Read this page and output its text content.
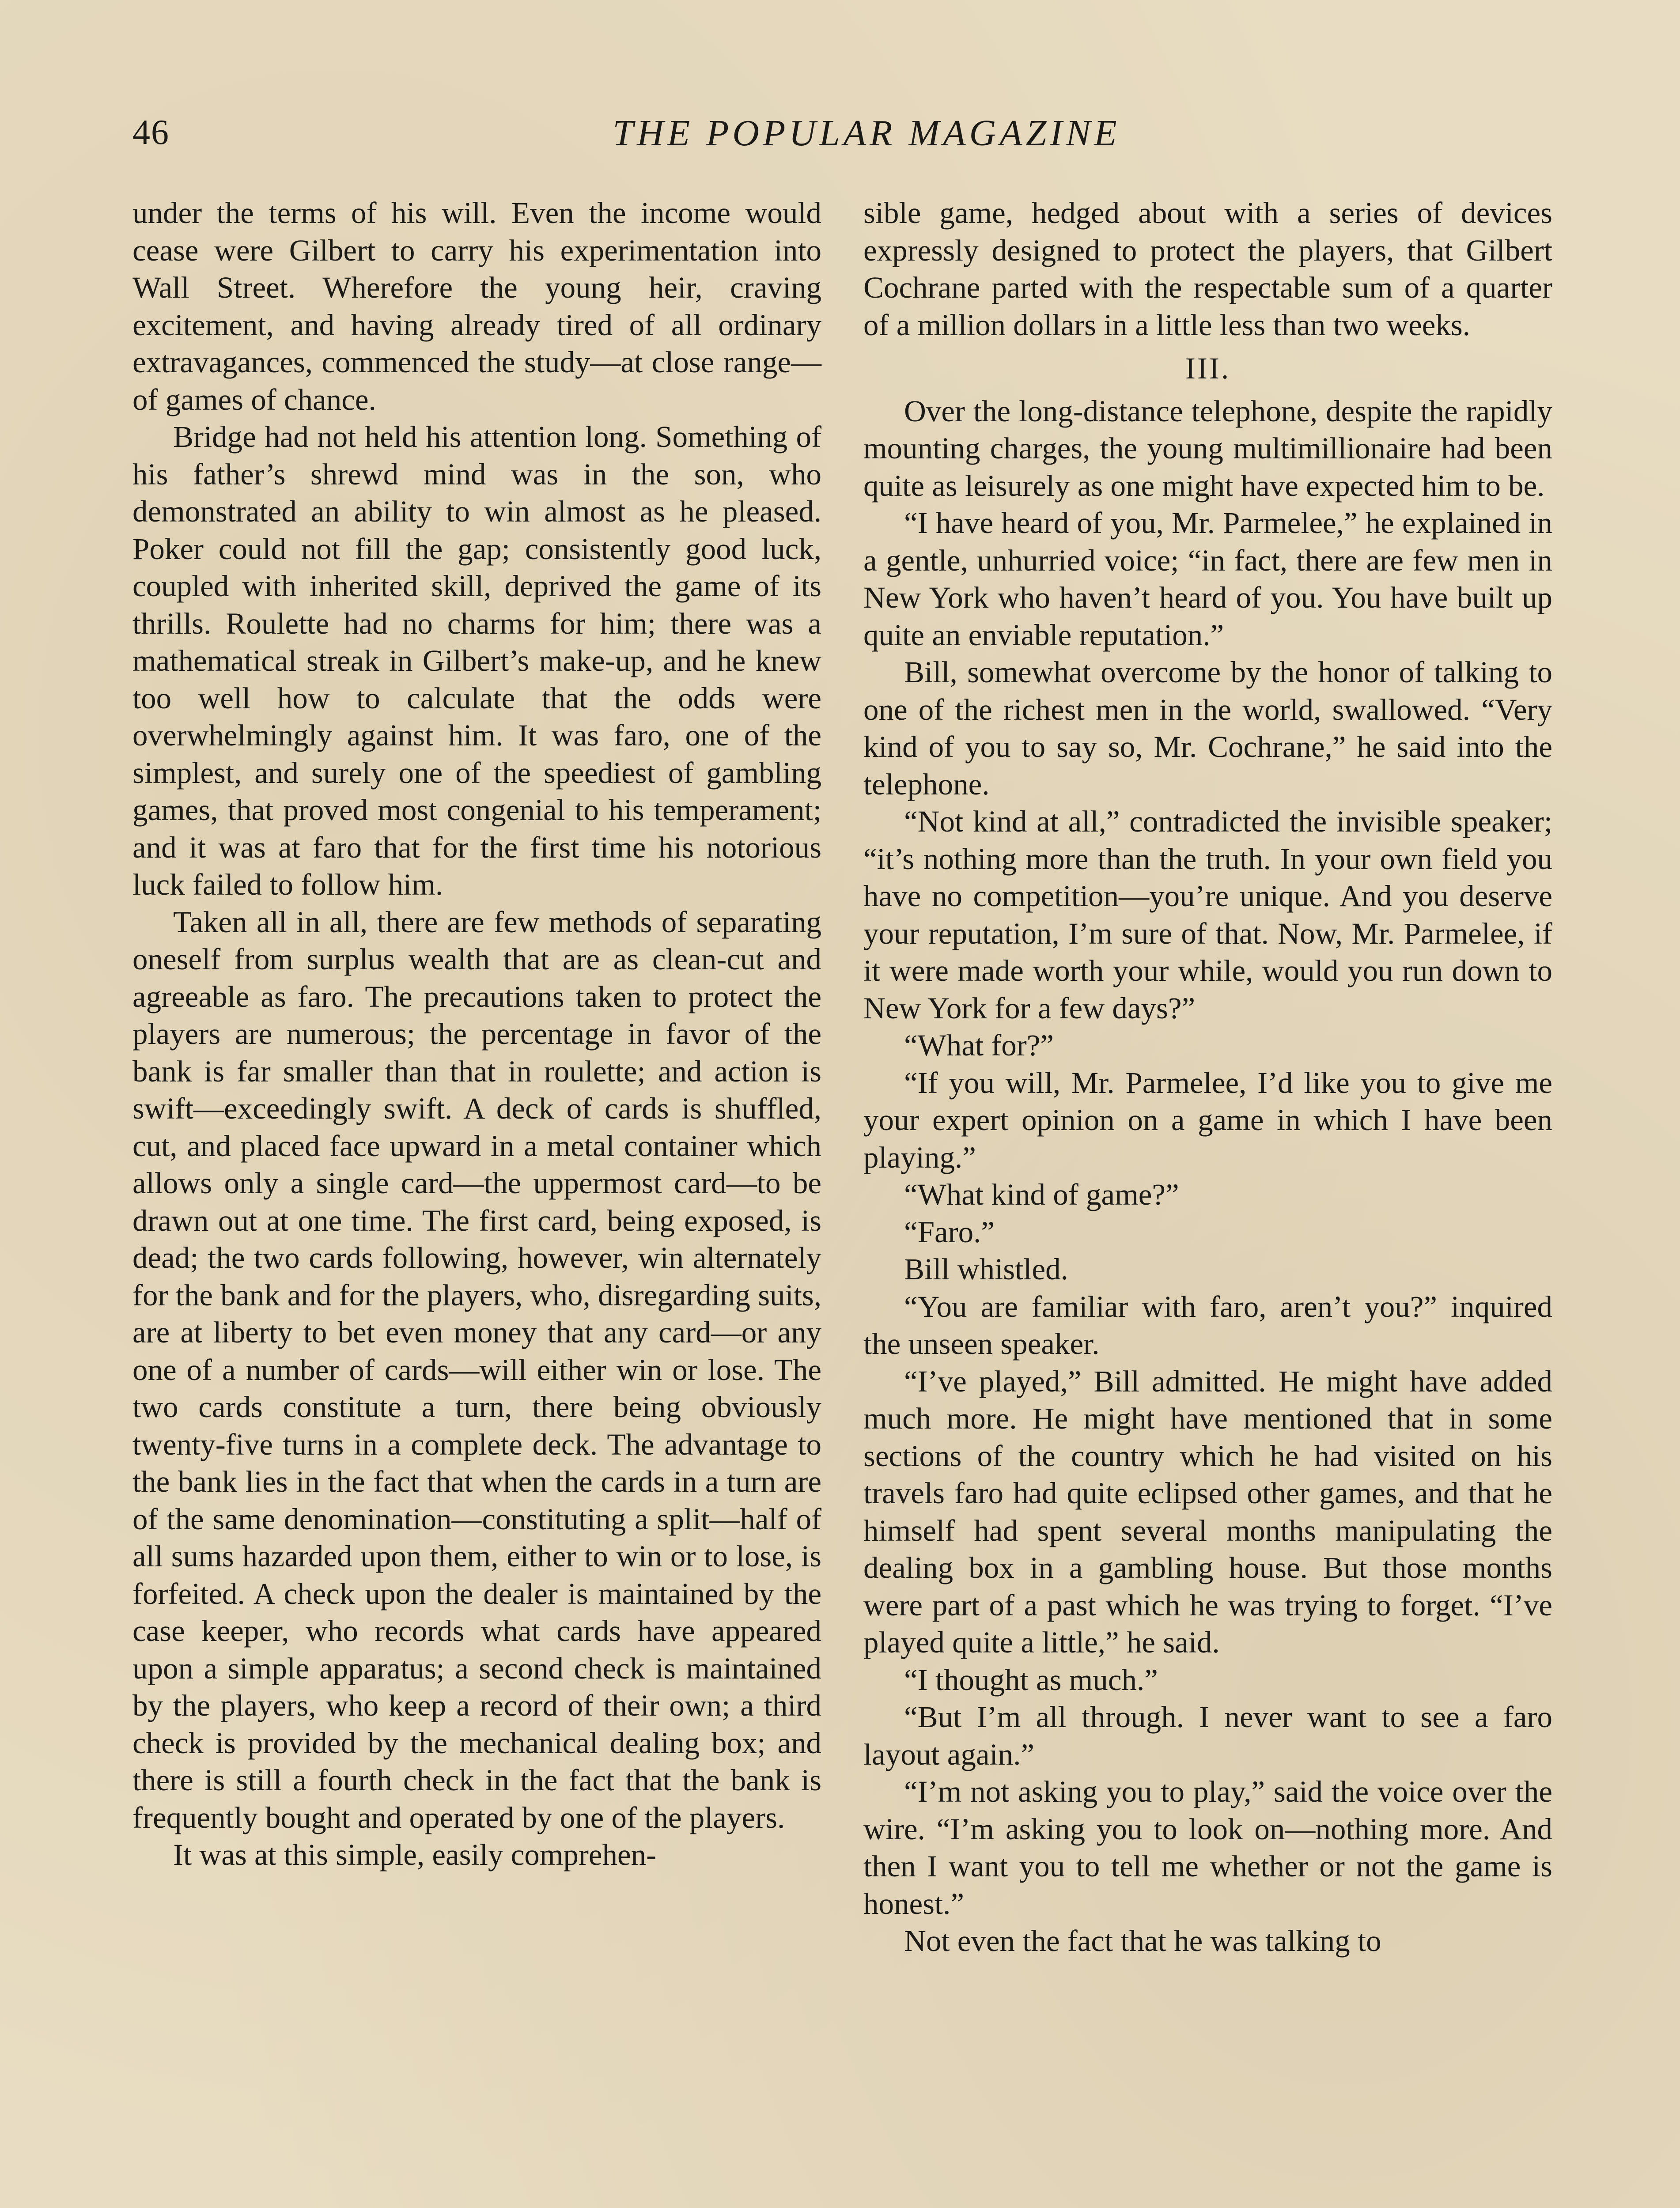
46	THE POPULAR MAGAZINE

under the terms of his will. Even the income would cease were Gilbert to carry his experimentation into Wall Street. Wherefore the young heir, craving excitement, and having already tired of all ordinary extravagances, commenced the study—at close range—of games of chance.

Bridge had not held his attention long. Something of his father’s shrewd mind was in the son, who demonstrated an ability to win almost as he pleased. Poker could not fill the gap; consistently good luck, coupled with inherited skill, deprived the game of its thrills. Roulette had no charms for him; there was a mathematical streak in Gilbert’s make-up, and he knew too well how to calculate that the odds were overwhelmingly against him. It was faro, one of the simplest, and surely one of the speediest of gambling games, that proved most congenial to his temperament; and it was at faro that for the first time his notorious luck failed to follow him.

Taken all in all, there are few methods of separating oneself from surplus wealth that are as clean-cut and agreeable as faro. The precautions taken to protect the players are numerous; the percentage in favor of the bank is far smaller than that in roulette; and action is swift—exceedingly swift. A deck of cards is shuffled, cut, and placed face upward in a metal container which allows only a single card—the uppermost card—to be drawn out at one time. The first card, being exposed, is dead; the two cards following, however, win alternately for the bank and for the players, who, disregarding suits, are at liberty to bet even money that any card—or any one of a number of cards—will either win or lose. The two cards constitute a turn, there being obviously twenty-five turns in a complete deck. The advantage to the bank lies in the fact that when the cards in a turn are of the same denomination—constituting a split—half of all sums hazarded upon them, either to win or to lose, is forfeited. A check upon the dealer is maintained by the case keeper, who records what cards have appeared upon a simple apparatus; a second check is maintained by the players, who keep a record of their own; a third check is provided by the mechanical dealing box; and there is still a fourth check in the fact that the bank is frequently bought and operated by one of the players.

It was at this simple, easily comprehen-

sible game, hedged about with a series of devices expressly designed to protect the players, that Gilbert Cochrane parted with the respectable sum of a quarter of a million dollars in a little less than two weeks.

III.

Over the long-distance telephone, despite the rapidly mounting charges, the young multimillionaire had been quite as leisurely as one might have expected him to be.

“I have heard of you, Mr. Parmelee,” he explained in a gentle, unhurried voice; “in fact, there are few men in New York who haven’t heard of you. You have built up quite an enviable reputation.”

Bill, somewhat overcome by the honor of talking to one of the richest men in the world, swallowed. “Very kind of you to say so, Mr. Cochrane,” he said into the telephone.

“Not kind at all,” contradicted the invisible speaker; “it’s nothing more than the truth. In your own field you have no competition—you’re unique. And you deserve your reputation, I’m sure of that. Now, Mr. Parmelee, if it were made worth your while, would you run down to New York for a few days?”

“What for?”

“If you will, Mr. Parmelee, I’d like you to give me your expert opinion on a game in which I have been playing.”

“What kind of game?”

“Faro.”

Bill whistled.

“You are familiar with faro, aren’t you?” inquired the unseen speaker.

“I’ve played,” Bill admitted. He might have added much more. He might have mentioned that in some sections of the country which he had visited on his travels faro had quite eclipsed other games, and that he himself had spent several months manipulating the dealing box in a gambling house. But those months were part of a past which he was trying to forget. “I’ve played quite a little,” he said.

“I thought as much.”

“But I’m all through. I never want to see a faro layout again.”

“I’m not asking you to play,” said the voice over the wire. “I’m asking you to look on—nothing more. And then I want you to tell me whether or not the game is honest.”

Not even the fact that he was talking to
